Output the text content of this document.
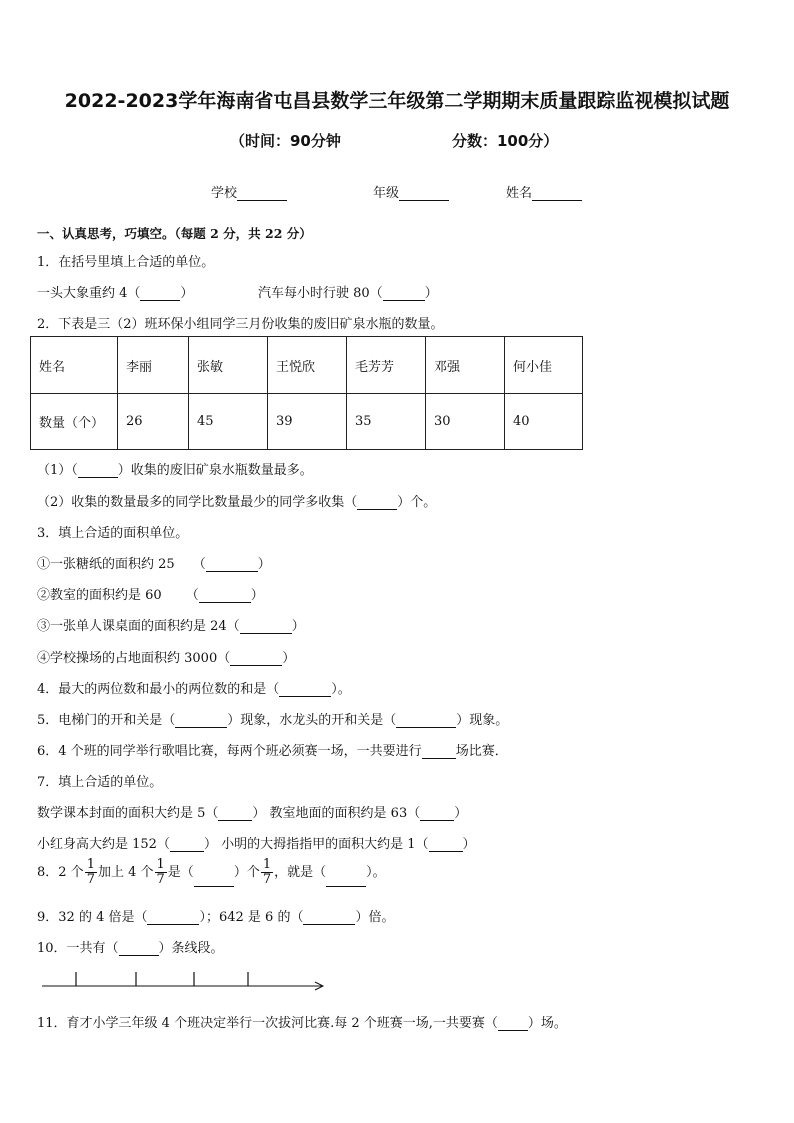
2022-2023学年海南省屯昌县数学三年级第二学期期末质量跟踪监视模拟试题
（时间：90分钟	分数：100分）
学校	年级	姓名
一、认真思考，巧填空。（每题 2 分，共 22 分）
1．在括号里填上合适的单位。
一头大象重约 4（	）	汽车每小时行驶 80（	）
2．下表是三（2）班环保小组同学三月份收集的废旧矿泉水瓶的数量。
姓名	李丽	张敏	王悦欣	毛芳芳	邓强	何小佳
数量（个）	26	45	39	35	30	40
（1）（	）收集的废旧矿泉水瓶数量最多。
（2）收集的数量最多的同学比数量最少的同学多收集（	）个。
3．填上合适的面积单位。
①一张糖纸的面积约 25 （	）
②教室的面积约是 60 （	）
③一张单人课桌面的面积约是 24（	）
④学校操场的占地面积约 3000（	）
4．最大的两位数和最小的两位数的和是（	）。
5．电梯门的开和关是（	）现象，水龙头的开和关是（	）现象。
6．4 个班的同学举行歌唱比赛，每两个班必须赛一场，一共要进行	场比赛．
7．填上合适的单位。
数学课本封面的面积大约是 5（	） 教室地面的面积约是 63（	）
小红身高大约是 152（	） 小明的大拇指指甲的面积大约是 1（	）
8．2 个 $\frac{1}{7}$ 加上 4 个 $\frac{1}{7}$ 是（	）个 $\frac{1}{7}$ ，就是（	）。
9．32 的 4 倍是（	）；642 是 6 的（	）倍。
10．一共有（	）条线段。
11．育才小学三年级 4 个班决定举行一次拔河比赛.每 2 个班赛一场,一共要赛（ ）场。
